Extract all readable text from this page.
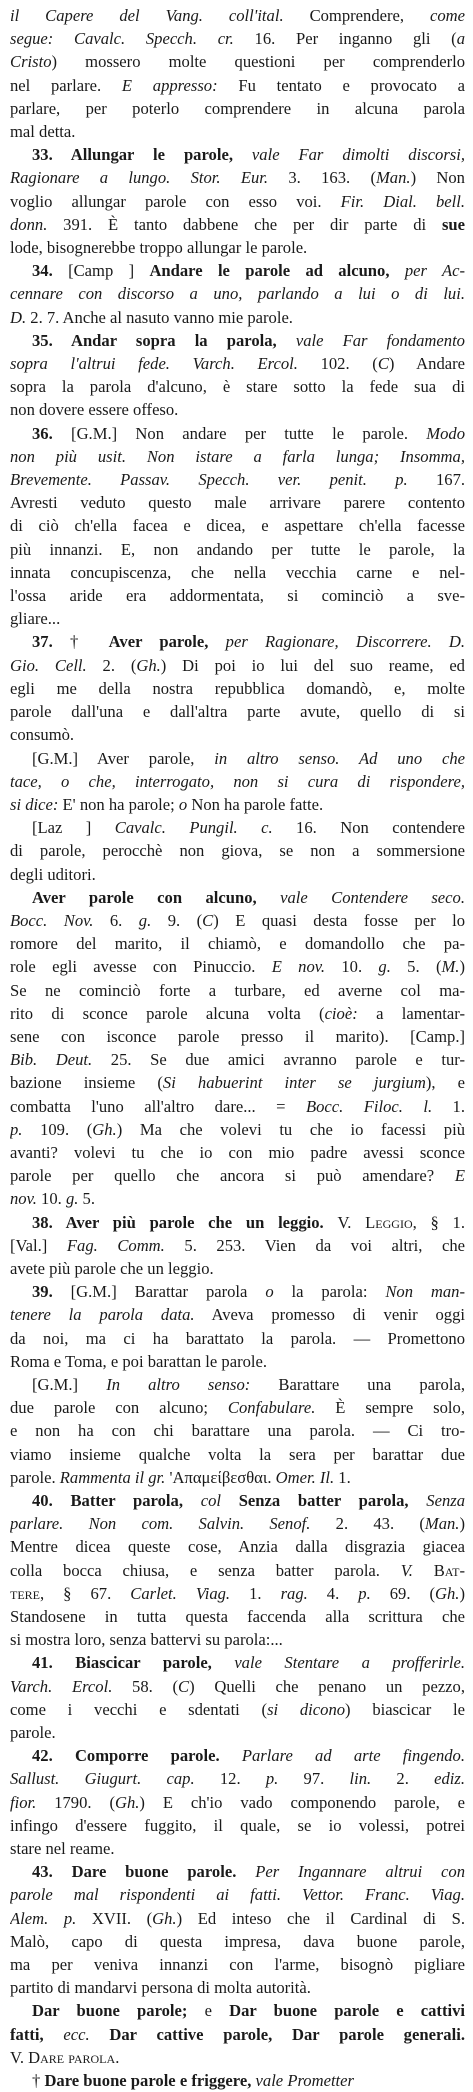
il Capere del Vang. coll'ital. Comprendere, come
segue: Cavalc. Specch. cr. 16. Per inganno gli (a
Cristo) mossero molte questioni per comprenderlo
nel parlare. E appresso: Fu tentato e provocato a
parlare, per poterlo comprendere in alcuna parola
mal detta.
33. Allungar le parole, vale Far dimolti discorsi,
Ragionare a lungo. Stor. Eur. 3. 163. (Man.) Non
voglio allungar parole con esso voi. Fir. Dial. bell.
donn. 391. È tanto dabbene che per dir parte di sue
lode, bisognerebbe troppo allungar le parole.
34. [Camp ] Andare le parole ad alcuno, per Ac-
cennare con discorso a uno, parlando a lui o di lui.
D. 2. 7. Anche al nasuto vanno mie parole.
35. Andar sopra la parola, vale Far fondamento
sopra l'altrui fede. Varch. Ercol. 102. (C) Andare
sopra la parola d'alcuno, è stare sotto la fede sua di
non dovere essere offeso.
36. [G.M.] Non andare per tutte le parole. Modo
non più usit. Non istare a farla lunga; Insomma,
Brevemente. Passav. Specch. ver. penit. p. 167.
Avresti veduto questo male arrivare parere contento
di ciò ch'ella facea e dicea, e aspettare ch'ella facesse
più innanzi. E, non andando per tutte le parole, la
innata concupiscenza, che nella vecchia carne e nel-
l'ossa aride era addormentata, si cominciò a sve-
gliare...
37. † Aver parole, per Ragionare, Discorrere. D.
Gio. Cell. 2. (Gh.) Di poi io lui del suo reame, ed
egli me della nostra repubblica domandò, e, molte
parole dall'una e dall'altra parte avute, quello di si
consumò.
[G.M.] Aver parole, in altro senso. Ad uno che
tace, o che, interrogato, non si cura di rispondere,
si dice: E' non ha parole; o Non ha parole fatte.
[Laz ] Cavalc. Pungil. c. 16. Non contendere
di parole, perocchè non giova, se non a sommersione
degli uditori.
Aver parole con alcuno, vale Contendere seco.
Bocc. Nov. 6. g. 9. (C) E quasi desta fosse per lo
romore del marito, il chiamò, e domandollo che pa-
role egli avesse con Pinuccio. E nov. 10. g. 5. (M.)
Se ne cominciò forte a turbare, ed averne col ma-
rito di sconce parole alcuna volta (cioè: a lamentar-
sene con isconce parole presso il marito). [Camp.]
Bib. Deut. 25. Se due amici avranno parole e tur-
bazione insieme (Si habuerint inter se jurgium), e
combatta l'uno all'altro dare... = Bocc. Filoc. l. 1.
p. 109. (Gh.) Ma che volevi tu che io facessi più
avanti? volevi tu che io con mio padre avessi sconce
parole per quello che ancora si può amendare? E
nov. 10. g. 5.
38. Aver più parole che un leggio. V. Leggio, § 1.
[Val.] Fag. Comm. 5. 253. Vien da voi altri, che
avete più parole che un leggio.
39. [G.M.] Barattar parola o la parola: Non man-
tenere la parola data. Aveva promesso di venir oggi
da noi, ma ci ha barattato la parola. — Promettono
Roma e Toma, e poi barattan le parole.
[G.M.] In altro senso: Barattare una parola,
due parole con alcuno; Confabulare. È sempre solo,
e non ha con chi barattare una parola. — Ci tro-
viamo insieme qualche volta la sera per barattar due
parole. Rammenta il gr. 'Απαμείβεσθαι. Omer. Il. 1.
40. Batter parola, col Senza batter parola, Senza
parlare. Non com. Salvin. Senof. 2. 43. (Man.)
Mentre dicea queste cose, Anzia dalla disgrazia giacea
colla bocca chiusa, e senza batter parola. V. Bat-
tere, § 67. Carlet. Viag. 1. rag. 4. p. 69. (Gh.)
Standosene in tutta questa faccenda alla scrittura che
si mostra loro, senza battervi su parola:...
41. Biascicar parole, vale Stentare a profferirle.
Varch. Ercol. 58. (C) Quelli che penano un pezzo,
come i vecchi e sdentati (si dicono) biascicar le
parole.
42. Comporre parole. Parlare ad arte fingendo.
Sallust. Giugurt. cap. 12. p. 97. lin. 2. ediz.
fior. 1790. (Gh.) E ch'io vado componendo parole, e
infingo d'essere fuggito, il quale, se io volessi, potrei
stare nel reame.
43. Dare buone parole. Per Ingannare altrui con
parole mal rispondenti ai fatti. Vettor. Franc. Viag.
Alem. p. XVII. (Gh.) Ed inteso che il Cardinal di S.
Malò, capo di questa impresa, dava buone parole,
ma per veniva innanzi con l'arme, bisognò pigliare
partito di mandarvi persona di molta autorità.
Dar buone parole; e Dar buone parole e cattivi
fatti, ecc. Dar cattive parole, Dar parole generali.
V. Dare parola.
† Dare buone parole e friggere, vale Prometter
